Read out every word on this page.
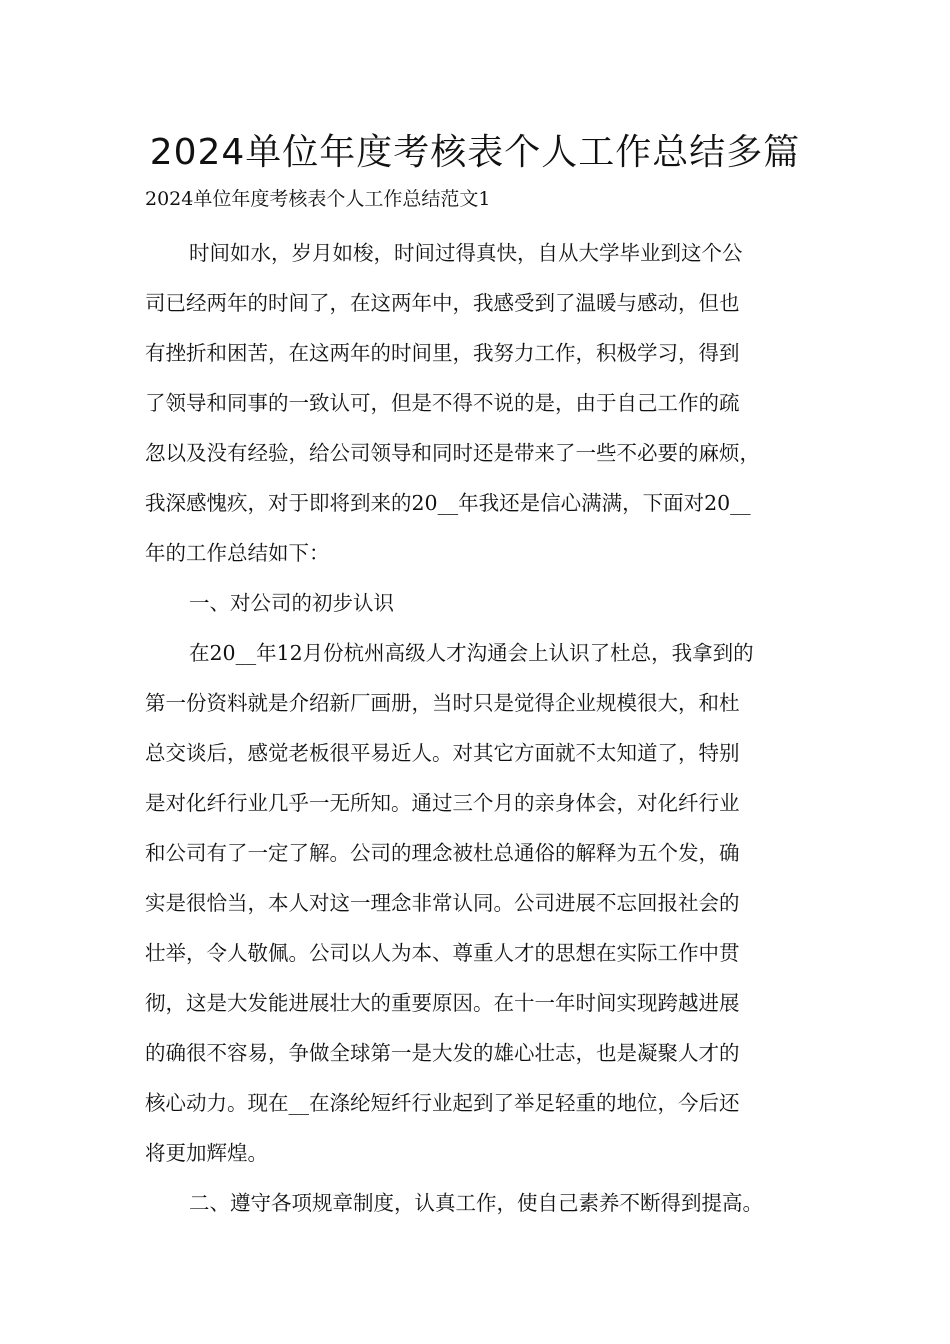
2024单位年度考核表个人工作总结多篇

2024单位年度考核表个人工作总结范文1

时间如水，岁月如梭，时间过得真快，自从大学毕业到这个公

司已经两年的时间了，在这两年中，我感受到了温暖与感动，但也

有挫折和困苦，在这两年的时间里，我努力工作，积极学习，得到

了领导和同事的一致认可，但是不得不说的是，由于自己工作的疏

忽以及没有经验，给公司领导和同时还是带来了一些不必要的麻烦，

我深感愧疚，对于即将到来的20__年我还是信心满满，下面对20__

年的工作总结如下：

一、对公司的初步认识

在20__年12月份杭州高级人才沟通会上认识了杜总，我拿到的

第一份资料就是介绍新厂画册，当时只是觉得企业规模很大，和杜

总交谈后，感觉老板很平易近人。对其它方面就不太知道了，特别

是对化纤行业几乎一无所知。通过三个月的亲身体会，对化纤行业

和公司有了一定了解。公司的理念被杜总通俗的解释为五个发，确

实是很恰当，本人对这一理念非常认同。公司进展不忘回报社会的

壮举，令人敬佩。公司以人为本、尊重人才的思想在实际工作中贯

彻，这是大发能进展壮大的重要原因。在十一年时间实现跨越进展

的确很不容易，争做全球第一是大发的雄心壮志，也是凝聚人才的

核心动力。现在__在涤纶短纤行业起到了举足轻重的地位，今后还

将更加辉煌。

二、遵守各项规章制度，认真工作，使自己素养不断得到提高。
